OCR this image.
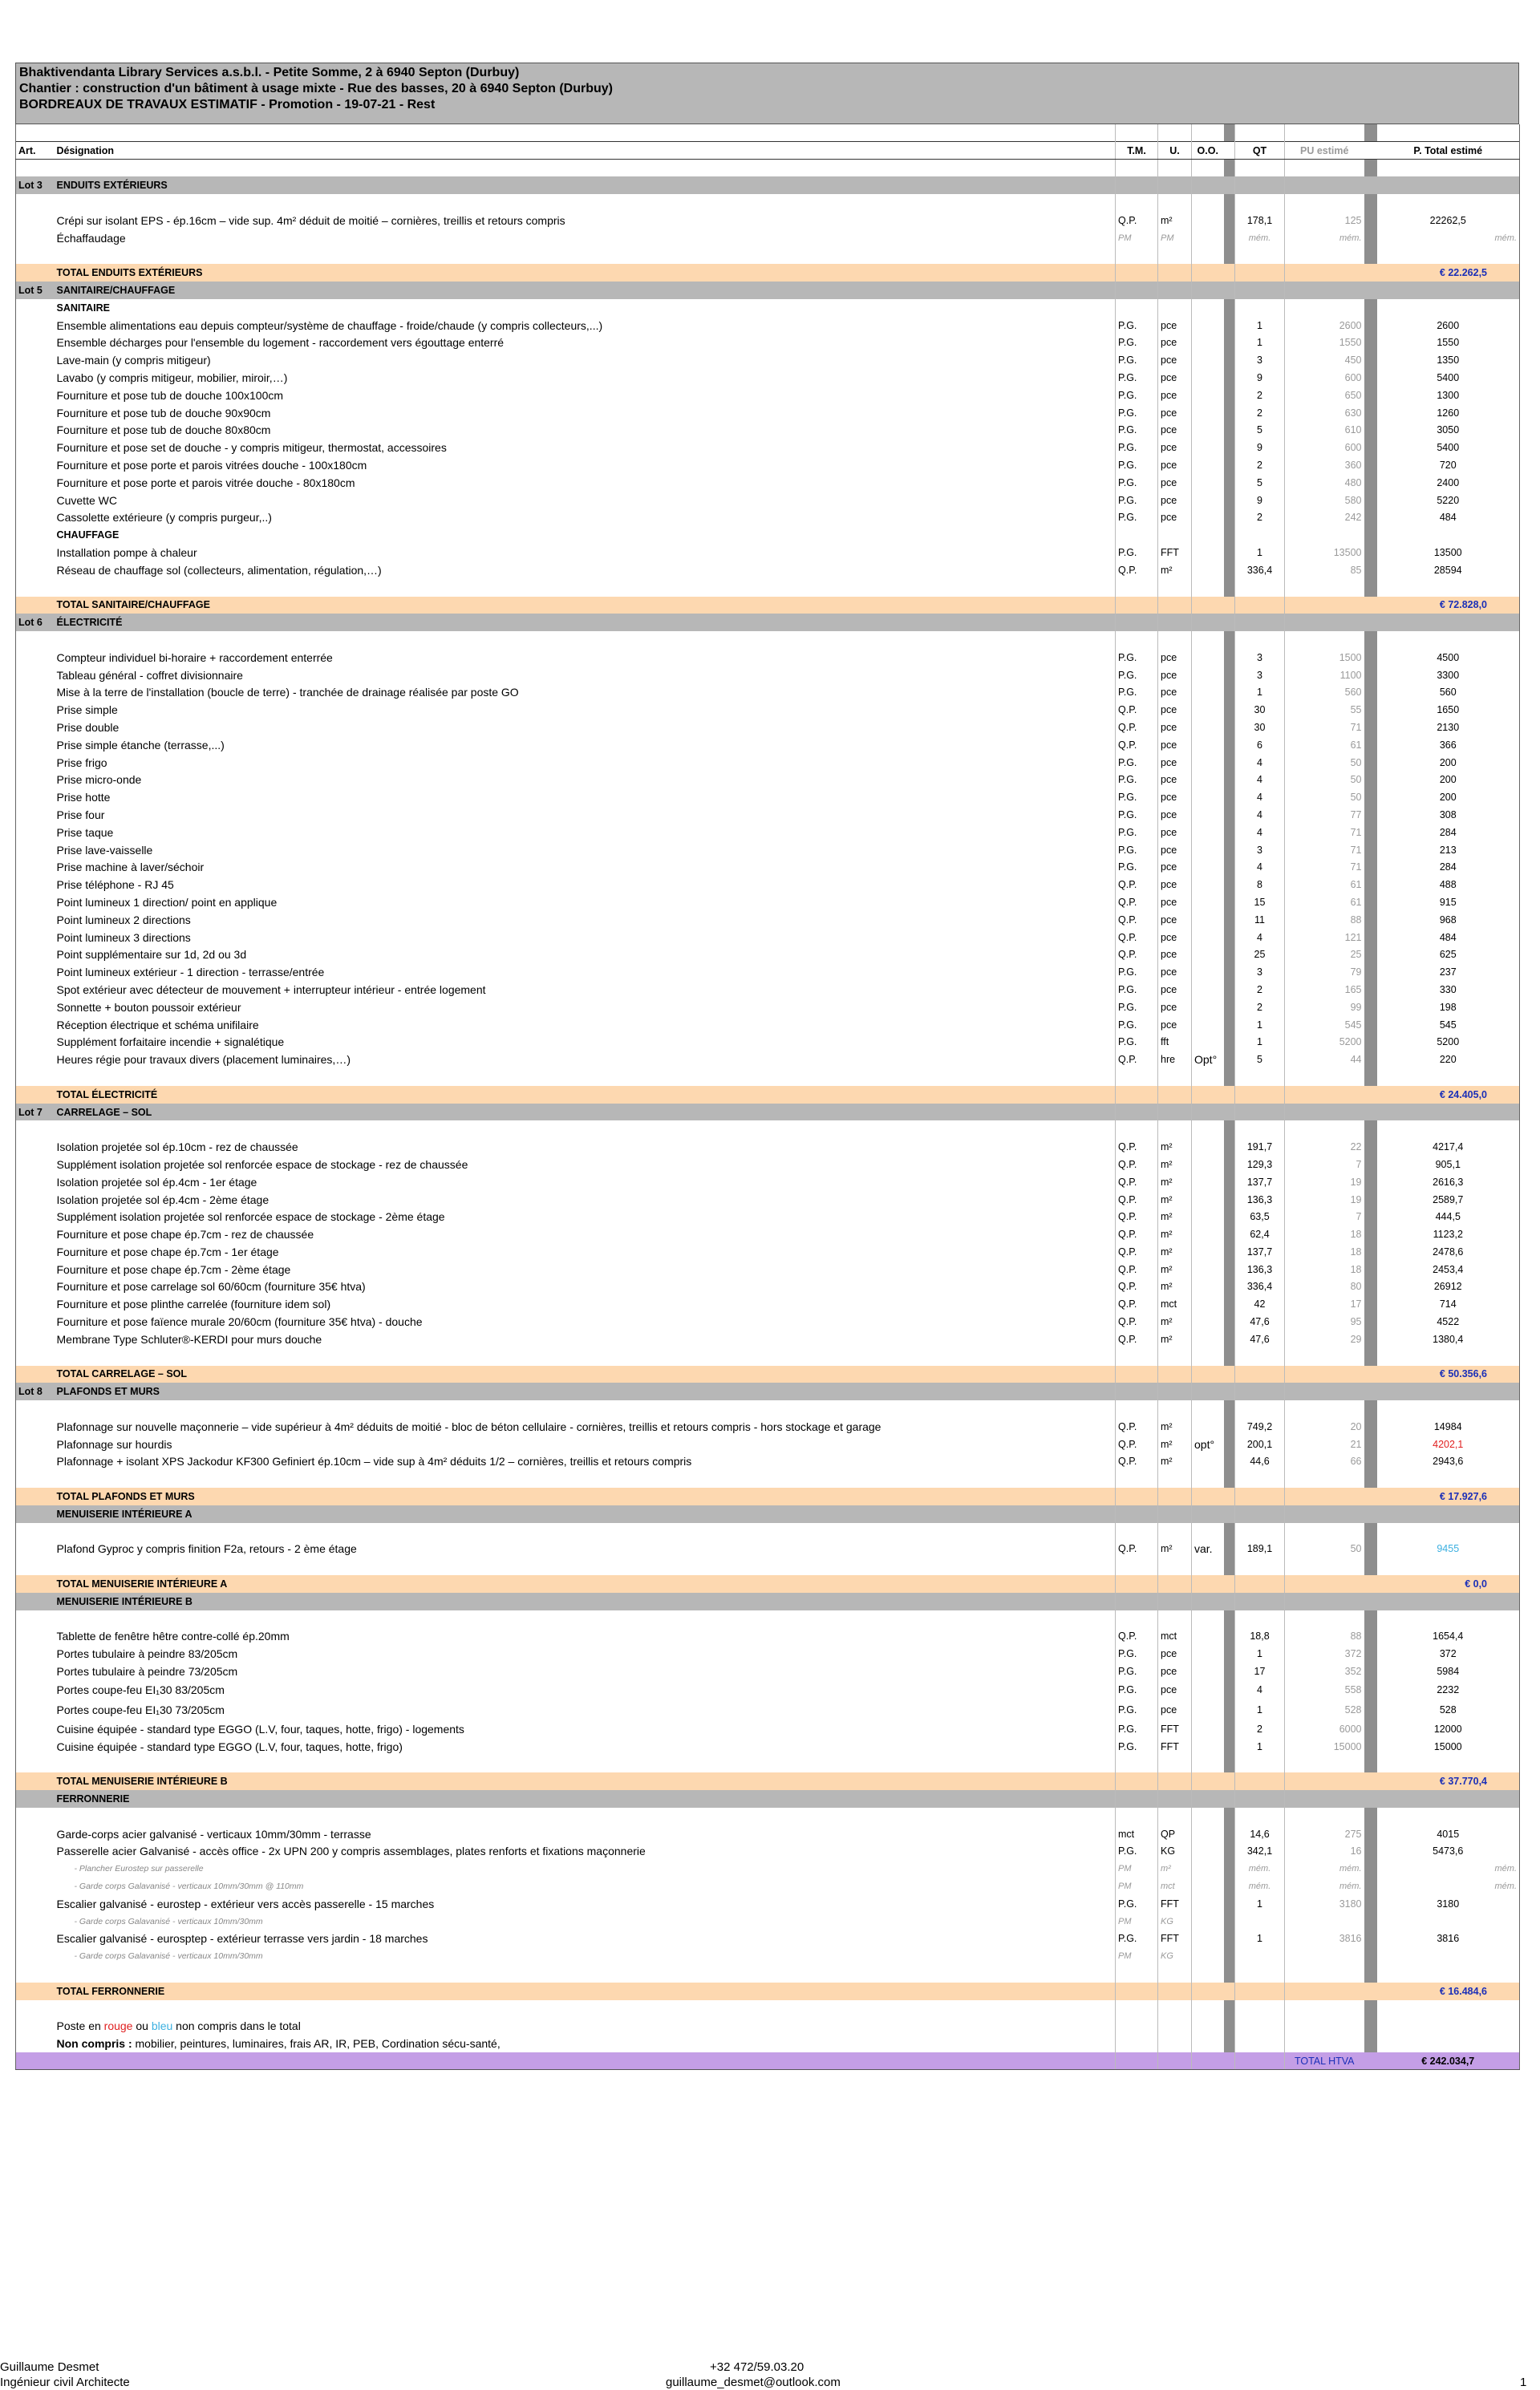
Bhaktivendanta Library Services a.s.b.l. - Petite Somme, 2 à 6940 Septon (Durbuy)
Chantier : construction d'un bâtiment à usage mixte - Rue des basses, 20 à 6940 Septon (Durbuy)
BORDREAUX DE TRAVAUX ESTIMATIF - Promotion - 19-07-21 - Rest

Art.	Désignation	T.M.	U.	O.O.		QT	PU estimé		P. Total estimé

Lot 3	ENDUITS EXTÉRIEURS								

	Crépi sur isolant EPS - ép.16cm – vide sup. 4m² déduit de moitié – cornières, treillis et retours compris	Q.P.	m²			178,1	125		22262,5
	Échaffaudage	PM	PM			mém.	mém.		mém.

	TOTAL ENDUITS EXTÉRIEURS								€ 22.262,5
Lot 5	SANITAIRE/CHAUFFAGE								
	SANITAIRE								
	Ensemble alimentations eau depuis compteur/système de chauffage - froide/chaude (y compris collecteurs,...)	P.G.	pce			1	2600		2600
	Ensemble décharges pour l'ensemble du logement - raccordement vers égouttage enterré	P.G.	pce			1	1550		1550
	Lave-main (y compris mitigeur)	P.G.	pce			3	450		1350
	Lavabo (y compris mitigeur, mobilier, miroir,…)	P.G.	pce			9	600		5400
	Fourniture et pose tub de douche 100x100cm	P.G.	pce			2	650		1300
	Fourniture et pose tub de douche 90x90cm	P.G.	pce			2	630		1260
	Fourniture et pose tub de douche 80x80cm	P.G.	pce			5	610		3050
	Fourniture et pose set de douche - y compris mitigeur, thermostat, accessoires	P.G.	pce			9	600		5400
	Fourniture et pose porte et parois vitrées douche - 100x180cm	P.G.	pce			2	360		720
	Fourniture et pose porte et parois vitrée douche - 80x180cm	P.G.	pce			5	480		2400
	Cuvette WC	P.G.	pce			9	580		5220
	Cassolette extérieure (y compris purgeur,..)	P.G.	pce			2	242		484
	CHAUFFAGE								
	Installation pompe à chaleur	P.G.	FFT			1	13500		13500
	Réseau de chauffage sol (collecteurs, alimentation, régulation,…)	Q.P.	m²			336,4	85		28594

	TOTAL SANITAIRE/CHAUFFAGE								€ 72.828,0
Lot 6	ÉLECTRICITÉ								

	Compteur individuel bi-horaire + raccordement enterrée	P.G.	pce			3	1500		4500
	Tableau général - coffret divisionnaire	P.G.	pce			3	1100		3300
	Mise à la terre de l'installation (boucle de terre) - tranchée de drainage réalisée par poste GO	P.G.	pce			1	560		560
	Prise simple	Q.P.	pce			30	55		1650
	Prise double	Q.P.	pce			30	71		2130
	Prise simple étanche (terrasse,...)	Q.P.	pce			6	61		366
	Prise frigo	P.G.	pce			4	50		200
	Prise micro-onde	P.G.	pce			4	50		200
	Prise hotte	P.G.	pce			4	50		200
	Prise four	P.G.	pce			4	77		308
	Prise taque	P.G.	pce			4	71		284
	Prise lave-vaisselle	P.G.	pce			3	71		213
	Prise machine à laver/séchoir	P.G.	pce			4	71		284
	Prise téléphone - RJ 45	Q.P.	pce			8	61		488
	Point lumineux 1 direction/ point en applique	Q.P.	pce			15	61		915
	Point lumineux 2 directions	Q.P.	pce			11	88		968
	Point lumineux 3 directions	Q.P.	pce			4	121		484
	Point supplémentaire sur 1d, 2d ou 3d	Q.P.	pce			25	25		625
	Point lumineux extérieur - 1 direction - terrasse/entrée	P.G.	pce			3	79		237
	Spot extérieur avec détecteur de mouvement + interrupteur intérieur - entrée logement	P.G.	pce			2	165		330
	Sonnette + bouton poussoir extérieur	P.G.	pce			2	99		198
	Réception électrique et schéma unifilaire	P.G.	pce			1	545		545
	Supplément forfaitaire incendie + signalétique	P.G.	fft			1	5200		5200
	Heures régie pour travaux divers (placement luminaires,…)	Q.P.	hre	Opt°		5	44		220

	TOTAL ÉLECTRICITÉ								€ 24.405,0
Lot 7	CARRELAGE – SOL								

	Isolation projetée sol ép.10cm - rez de chaussée	Q.P.	m²			191,7	22		4217,4
	Supplément isolation projetée sol renforcée espace de stockage - rez de chaussée	Q.P.	m²			129,3	7		905,1
	Isolation projetée sol ép.4cm - 1er étage	Q.P.	m²			137,7	19		2616,3
	Isolation projetée sol ép.4cm - 2ème étage	Q.P.	m²			136,3	19		2589,7
	Supplément isolation projetée sol renforcée espace de stockage - 2ème étage	Q.P.	m²			63,5	7		444,5
	Fourniture et pose chape ép.7cm - rez de chaussée	Q.P.	m²			62,4	18		1123,2
	Fourniture et pose chape ép.7cm - 1er étage	Q.P.	m²			137,7	18		2478,6
	Fourniture et pose chape ép.7cm - 2ème étage	Q.P.	m²			136,3	18		2453,4
	Fourniture et pose carrelage sol 60/60cm (fourniture 35€ htva)	Q.P.	m²			336,4	80		26912
	Fourniture et pose plinthe carrelée (fourniture idem sol)	Q.P.	mct			42	17		714
	Fourniture et pose faïence murale 20/60cm (fourniture 35€ htva) - douche	Q.P.	m²			47,6	95		4522
	Membrane Type Schluter®-KERDI pour murs douche	Q.P.	m²			47,6	29		1380,4

	TOTAL CARRELAGE – SOL								€ 50.356,6
Lot 8	PLAFONDS ET MURS								

	Plafonnage sur nouvelle maçonnerie – vide supérieur à 4m² déduits de moitié - bloc de béton cellulaire - cornières, treillis et retours compris - hors stockage et garage	Q.P.	m²			749,2	20		14984
	Plafonnage sur hourdis	Q.P.	m²	opt°		200,1	21		4202,1
	Plafonnage + isolant XPS Jackodur KF300 Gefiniert ép.10cm – vide sup à 4m² déduits 1/2 – cornières, treillis et retours compris	Q.P.	m²			44,6	66		2943,6

	TOTAL PLAFONDS ET MURS								€ 17.927,6
	MENUISERIE INTÉRIEURE A								

	Plafond Gyproc y compris finition F2a, retours - 2 ème étage	Q.P.	m²	var.		189,1	50		9455

	TOTAL MENUISERIE INTÉRIEURE A								€ 0,0
	MENUISERIE INTÉRIEURE B								

	Tablette de fenêtre hêtre contre-collé ép.20mm	Q.P.	mct			18,8	88		1654,4
	Portes tubulaire à peindre 83/205cm	P.G.	pce			1	372		372
	Portes tubulaire à peindre 73/205cm	P.G.	pce			17	352		5984
	Portes coupe-feu EI₁30 83/205cm	P.G.	pce			4	558		2232
	Portes coupe-feu EI₁30 73/205cm	P.G.	pce			1	528		528
	Cuisine équipée - standard type EGGO (L.V, four, taques, hotte, frigo) - logements	P.G.	FFT			2	6000		12000
	Cuisine équipée - standard type EGGO (L.V, four, taques, hotte, frigo)	P.G.	FFT			1	15000		15000

	TOTAL MENUISERIE INTÉRIEURE B								€ 37.770,4
	FERRONNERIE								

	Garde-corps acier galvanisé - verticaux 10mm/30mm - terrasse	mct	QP			14,6	275		4015
	Passerelle acier Galvanisé - accès office - 2x UPN 200 y compris assemblages, plates renforts et fixations maçonnerie	P.G.	KG			342,1	16		5473,6
	- Plancher Eurostep sur passerelle	PM	m²			mém.	mém.		mém.
	- Garde corps Galavanisé - verticaux 10mm/30mm @ 110mm	PM	mct			mém.	mém.		mém.
	Escalier galvanisé - eurostep - extérieur vers accès passerelle - 15 marches	P.G.	FFT			1	3180		3180
	- Garde corps Galavanisé - verticaux 10mm/30mm	PM	KG						
	Escalier galvanisé - eurosptep - extérieur terrasse vers jardin - 18 marches	P.G.	FFT			1	3816		3816
	- Garde corps Galavanisé - verticaux 10mm/30mm	PM	KG						

	TOTAL FERRONNERIE								€ 16.484,6

	Poste en rouge ou bleu non compris dans le total								
	Non compris : mobilier, peintures, luminaires, frais AR, IR, PEB, Cordination sécu-santé,								
							TOTAL HTVA		€ 242.034,7
Guillaume Desmet
Ingénieur civil Architecte
+32 472/59.03.20
guillaume_desmet@outlook.com	1
